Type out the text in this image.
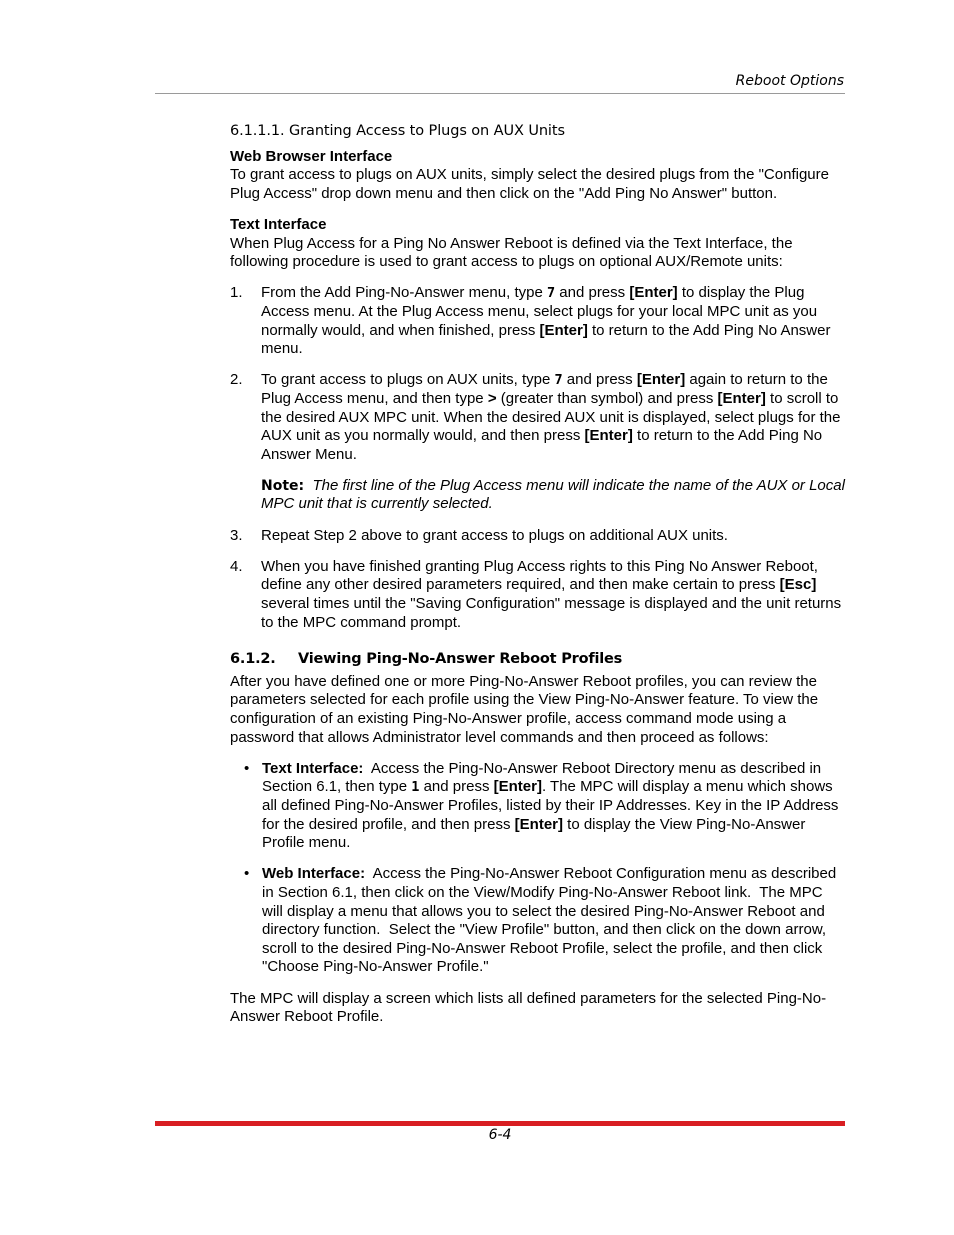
Reboot Options
6.1.1.1. Granting Access to Plugs on AUX Units
Web Browser Interface

To grant access to plugs on AUX units, simply select the desired plugs from the "Configure Plug Access" drop down menu and then click on the "Add Ping No Answer" button.

Text Interface

When Plug Access for a Ping No Answer Reboot is defined via the Text Interface, the following procedure is used to grant access to plugs on optional AUX/Remote units:

1. From the Add Ping-No-Answer menu, type 7 and press [Enter] to display the Plug Access menu. At the Plug Access menu, select plugs for your local MPC unit as you normally would, and when finished, press [Enter] to return to the Add Ping No Answer menu.
2. To grant access to plugs on AUX units, type 7 and press [Enter] again to return to the Plug Access menu, and then type > (greater than symbol) and press [Enter] to scroll to the desired AUX MPC unit. When the desired AUX unit is displayed, select plugs for the AUX unit as you normally would, and then press [Enter] to return to the Add Ping No Answer Menu.
Note: The first line of the Plug Access menu will indicate the name of the AUX or Local MPC unit that is currently selected.
3. Repeat Step 2 above to grant access to plugs on additional AUX units.
4. When you have finished granting Plug Access rights to this Ping No Answer Reboot, define any other desired parameters required, and then make certain to press [Esc] several times until the "Saving Configuration" message is displayed and the unit returns to the MPC command prompt.
6.1.2. Viewing Ping-No-Answer Reboot Profiles

After you have defined one or more Ping-No-Answer Reboot profiles, you can review the parameters selected for each profile using the View Ping-No-Answer feature. To view the configuration of an existing Ping-No-Answer profile, access command mode using a password that allows Administrator level commands and then proceed as follows:

• Text Interface:  Access the Ping-No-Answer Reboot Directory menu as described in Section 6.1, then type 1 and press [Enter]. The MPC will display a menu which shows all defined Ping-No-Answer Profiles, listed by their IP Addresses. Key in the IP Address for the desired profile, and then press [Enter] to display the View Ping-No-Answer Profile menu.
• Web Interface:  Access the Ping-No-Answer Reboot Configuration menu as described in Section 6.1, then click on the View/Modify Ping-No-Answer Reboot link.  The MPC will display a menu that allows you to select the desired Ping-No-Answer Reboot and directory function.  Select the "View Profile" button, and then click on the down arrow, scroll to the desired Ping-No-Answer Reboot Profile, select the profile, and then click "Choose Ping-No-Answer Profile."

The MPC will display a screen which lists all defined parameters for the selected Ping-No-Answer Reboot Profile.

6-4
